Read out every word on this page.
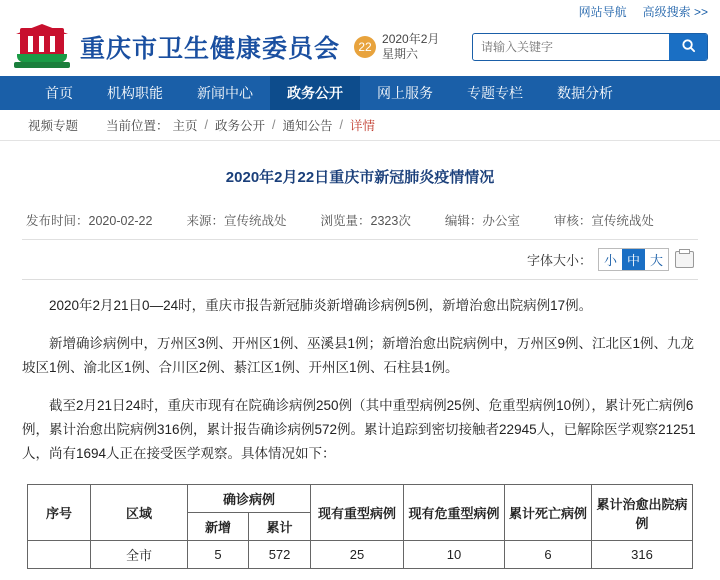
网站导航 高级搜索 >>
重庆市卫生健康委员会	22
2020年2月
星期六
请输入关键字
首页	机构职能	新闻中心	政务公开	网上服务	专题专栏	数据分析
视频专题 当前位置： 主页 / 政务公开 / 通知公告 / 详情
2020年2月22日重庆市新冠肺炎疫情情况
发布时间：2020-02-22	来源：宣传统战处	浏览量：2323次	编辑：办公室	审核：宣传统战处
字体大小： 小 中 大

2020年2月21日0—24时，重庆市报告新冠肺炎新增确诊病例5例，新增治愈出院病例17例。

新增确诊病例中，万州区3例、开州区1例、巫溪县1例；新增治愈出院病例中，万州区9例、江北区1例、九龙坡区1例、渝北区1例、合川区2例、綦江区1例、开州区1例、石柱县1例。

截至2月21日24时，重庆市现有在院确诊病例250例（其中重型病例25例、危重型病例10例），累计死亡病例6例，累计治愈出院病例316例，累计报告确诊病例572例。累计追踪到密切接触者22945人，已解除医学观察21251人，尚有1694人正在接受医学观察。具体情况如下：

序号	区域	确诊病例		现有重型病例	现有危重型病例	累计死亡病例	累计治愈出院病例
		新增	累计				
	全市	5	572	25	10	6	316
